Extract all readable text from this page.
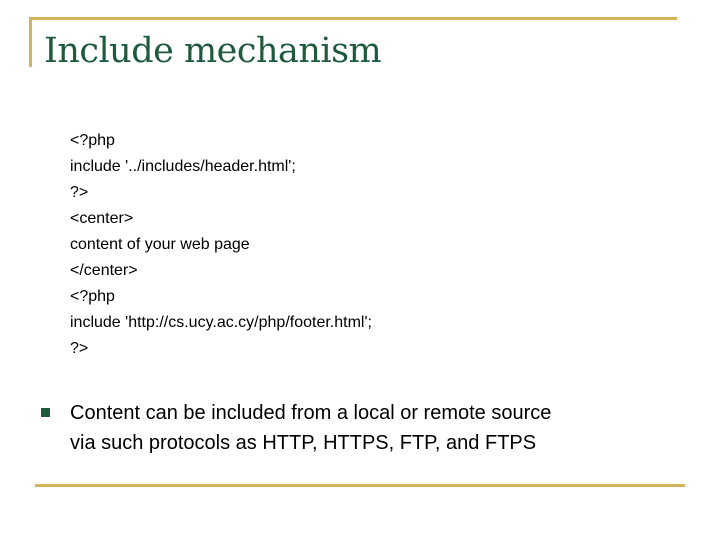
Include mechanism
<?php
include '../includes/header.html';
?>
<center>
content of your web page
</center>
<?php
include 'http://cs.ucy.ac.cy/php/footer.html';
?>

Content can be included from a local or remote source
via such protocols as HTTP, HTTPS, FTP, and FTPS
